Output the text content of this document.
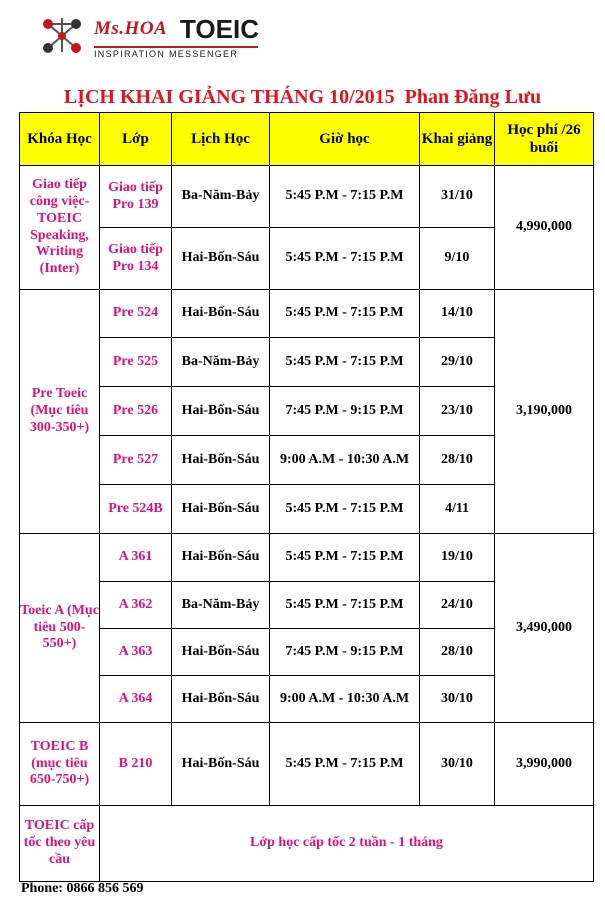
Ms.HOA TOEIC
INSPIRATION MESSENGER
LỊCH KHAI GIẢNG THÁNG 10/2015  Phan Đăng Lưu
Khóa Học	Lớp	Lịch Học	Giờ học	Khai giảng	Học phí /26 buổi
Giao tiếp công việc-TOEIC Speaking, Writing (Inter)	Giao tiếp Pro 139	Ba-Năm-Bảy	5:45 P.M - 7:15 P.M	31/10	4,990,000
	Giao tiếp Pro 134	Hai-Bốn-Sáu	5:45 P.M - 7:15 P.M	9/10	
Pre Toeic (Mục tiêu 300-350+)	Pre 524	Hai-Bốn-Sáu	5:45 P.M - 7:15 P.M	14/10	3,190,000
	Pre 525	Ba-Năm-Bảy	5:45 P.M - 7:15 P.M	29/10	
	Pre 526	Hai-Bốn-Sáu	7:45 P.M - 9:15 P.M	23/10	
	Pre 527	Hai-Bốn-Sáu	9:00 A.M - 10:30 A.M	28/10	
	Pre 524B	Hai-Bốn-Sáu	5:45 P.M - 7:15 P.M	4/11	
Toeic A (Mục tiêu 500-550+)	A 361	Hai-Bốn-Sáu	5:45 P.M - 7:15 P.M	19/10	3,490,000
	A 362	Ba-Năm-Bảy	5:45 P.M - 7:15 P.M	24/10	
	A 363	Hai-Bốn-Sáu	7:45 P.M - 9:15 P.M	28/10	
	A 364	Hai-Bốn-Sáu	9:00 A.M - 10:30 A.M	30/10	
TOEIC B (mục tiêu 650-750+)	B 210	Hai-Bốn-Sáu	5:45 P.M - 7:15 P.M	30/10	3,990,000
TOEIC cấp tốc theo yêu cầu	Lớp học cấp tốc 2 tuần - 1 tháng				
Phone: 0866 856 569
